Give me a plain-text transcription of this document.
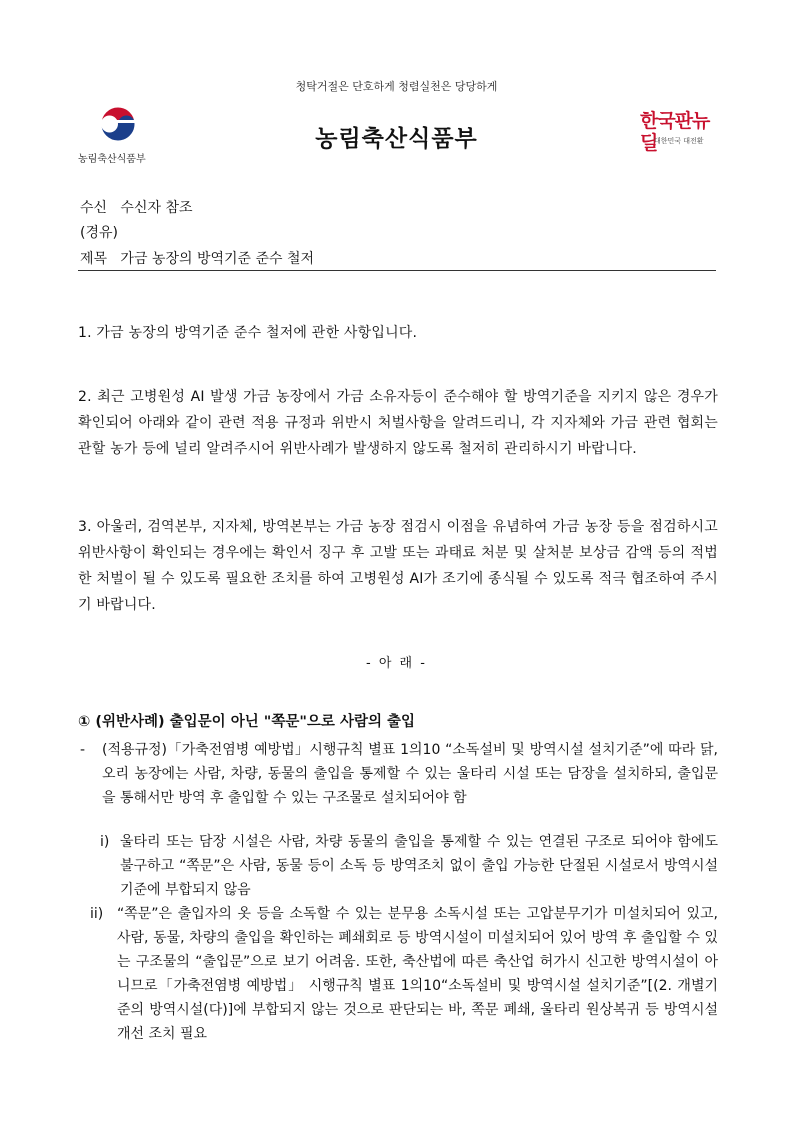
청탁거절은 단호하게 청렴실천은 당당하게
농림축산식품부
농림축산식품부
한국판뉴딜
대한민국 대전환
수신 수신자 참조
(경유)
제목 가금 농장의 방역기준 준수 철저
1. 가금 농장의 방역기준 준수 철저에 관한 사항입니다.
2. 최근 고병원성 AI 발생 가금 농장에서 가금 소유자등이 준수해야 할 방역기준을 지키지 않은 경우가 확인되어 아래와 같이 관련 적용 규정과 위반시 처벌사항을 알려드리니, 각 지자체와 가금 관련 협회는 관할 농가 등에 널리 알려주시어 위반사례가 발생하지 않도록 철저히 관리하시기 바랍니다.
3. 아울러, 검역본부, 지자체, 방역본부는 가금 농장 점검시 이점을 유념하여 가금 농장 등을 점검하시고 위반사항이 확인되는 경우에는 확인서 징구 후 고발 또는 과태료 처분 및 살처분 보상금 감액 등의 적법한 처벌이 될 수 있도록 필요한 조치를 하여 고병원성 AI가 조기에 종식될 수 있도록 적극 협조하여 주시기 바랍니다.
- 아 래 -
① (위반사례) 출입문이 아닌 "쪽문"으로 사람의 출입
- (적용규정)「가축전염병 예방법」시행규칙 별표 1의10 “소독설비 및 방역시설 설치기준”에 따라 닭, 오리 농장에는 사람, 차량, 동물의 출입을 통제할 수 있는 울타리 시설 또는 담장을 설치하되, 출입문을 통해서만 방역 후 출입할 수 있는 구조물로 설치되어야 함
i) 울타리 또는 담장 시설은 사람, 차량 동물의 출입을 통제할 수 있는 연결된 구조로 되어야 함에도 불구하고 “쪽문”은 사람, 동물 등이 소독 등 방역조치 없이 출입 가능한 단절된 시설로서 방역시설 기준에 부합되지 않음
ii) “쪽문”은 출입자의 옷 등을 소독할 수 있는 분무용 소독시설 또는 고압분무기가 미설치되어 있고, 사람, 동물, 차량의 출입을 확인하는 폐쇄회로 등 방역시설이 미설치되어 있어 방역 후 출입할 수 있는 구조물의 “출입문”으로 보기 어려움. 또한, 축산법에 따른 축산업 허가시 신고한 방역시설이 아니므로「가축전염병 예방법」 시행규칙 별표 1의10“소독설비 및 방역시설 설치기준”[(2. 개별기준의 방역시설(다)]에 부합되지 않는 것으로 판단되는 바, 쪽문 폐쇄, 울타리 원상복귀 등 방역시설 개선 조치 필요
